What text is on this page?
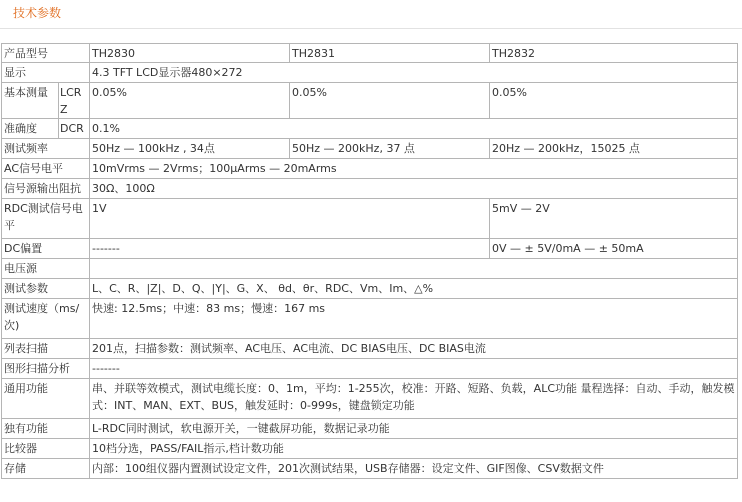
技术参数
产品型号		TH2830	TH2831	TH2832
显示		4.3 TFT LCD显示器480×272		
基本测量	LCRZ	0.05%	0.05%	0.05%
准确度	DCR	0.1%		
测试频率		50Hz — 100kHz , 34点	50Hz — 200kHz, 37 点	20Hz — 200kHz，15025 点
AC信号电平		10mVrms — 2Vrms；100μArms — 20mArms		
信号源输出阻抗		30Ω、100Ω		
RDC测试信号电平		1V		5mV — 2V
DC偏置		-------		0V — ± 5V/0mA — ± 50mA
电压源				
测试参数		L、C、R、|Z|、D、Q、|Y|、G、X、 θd、θr、RDC、Vm、Im、△%		
测试速度（ms/次)		快速: 12.5ms；中速：83 ms；慢速：167 ms		
列表扫描		201点，扫描参数：测试频率、AC电压、AC电流、DC BIAS电压、DC BIAS电流		
图形扫描分析		-------		
通用功能		串、并联等效模式，测试电缆长度：0、1m，平均：1-255次，校准：开路、短路、负载，ALC功能 量程选择：自动、手动，触发模式：INT、MAN、EXT、BUS，触发延时：0-999s，键盘锁定功能		
独有功能		L-RDC同时测试，软电源开关，一键截屏功能，数据记录功能		
比较器		10档分选，PASS/FAIL指示,档计数功能		
存储		内部：100组仪器内置测试设定文件，201次测试结果，USB存储器：设定文件、GIF图像、CSV数据文件		
